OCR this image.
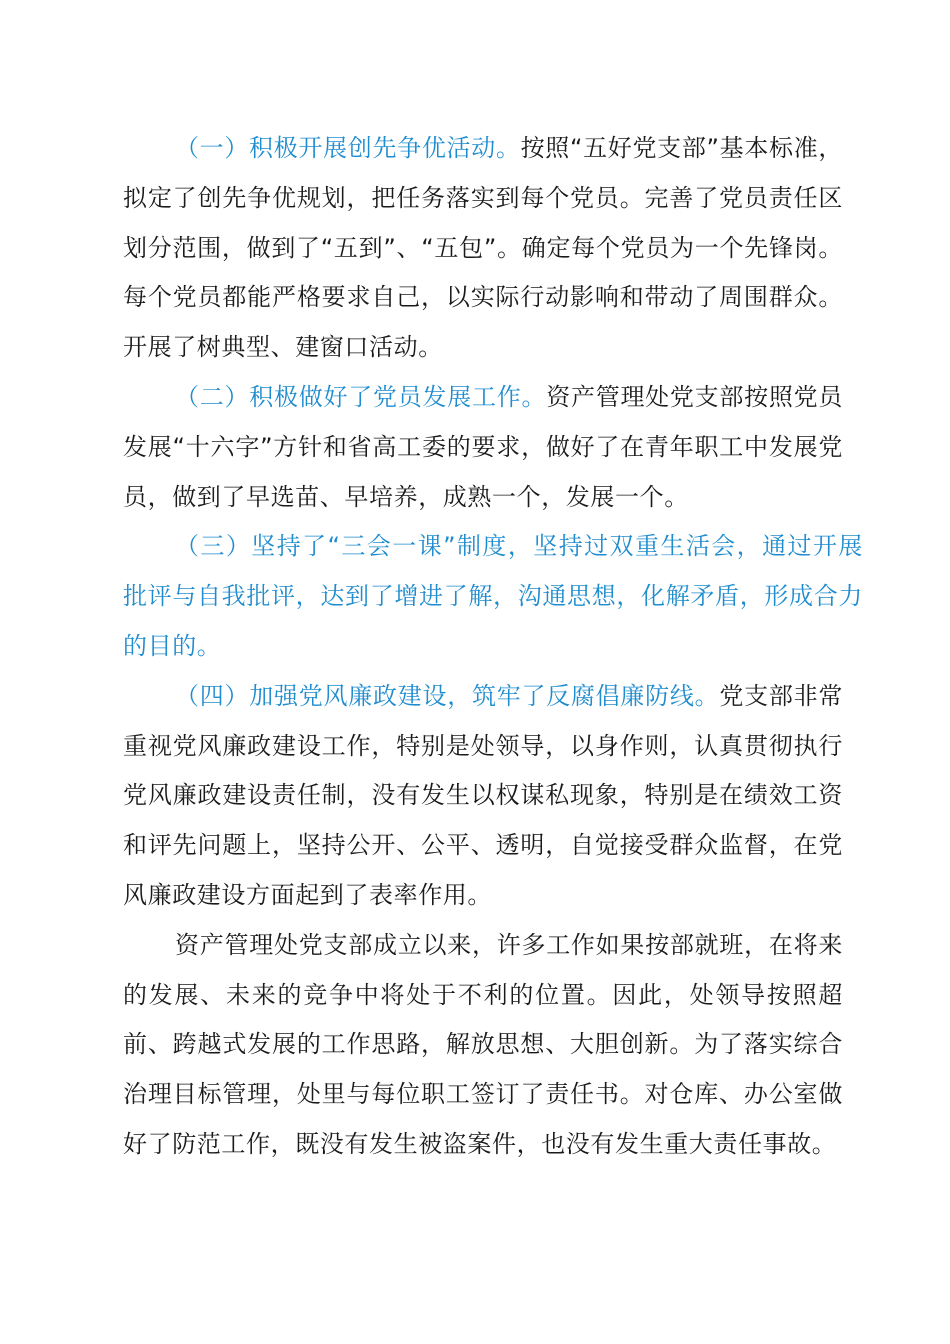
（一）积极开展创先争优活动。按照“五好党支部”基本标准，拟定了创先争优规划，把任务落实到每个党员。完善了党员责任区划分范围，做到了“五到”、“五包”。确定每个党员为一个先锋岗。每个党员都能严格要求自己，以实际行动影响和带动了周围群众。开展了树典型、建窗口活动。

（二）积极做好了党员发展工作。资产管理处党支部按照党员发展“十六字”方针和省高工委的要求，做好了在青年职工中发展党员，做到了早选苗、早培养，成熟一个，发展一个。

（三）坚持了“三会一课”制度，坚持过双重生活会，通过开展批评与自我批评，达到了增进了解，沟通思想，化解矛盾，形成合力的目的。

（四）加强党风廉政建设，筑牢了反腐倡廉防线。党支部非常重视党风廉政建设工作，特别是处领导，以身作则，认真贯彻执行党风廉政建设责任制，没有发生以权谋私现象，特别是在绩效工资和评先问题上，坚持公开、公平、透明，自觉接受群众监督，在党风廉政建设方面起到了表率作用。

资产管理处党支部成立以来，许多工作如果按部就班，在将来的发展、未来的竞争中将处于不利的位置。因此，处领导按照超前、跨越式发展的工作思路，解放思想、大胆创新。为了落实综合治理目标管理，处里与每位职工签订了责任书。对仓库、办公室做好了防范工作，既没有发生被盗案件，也没有发生重大责任事故。
